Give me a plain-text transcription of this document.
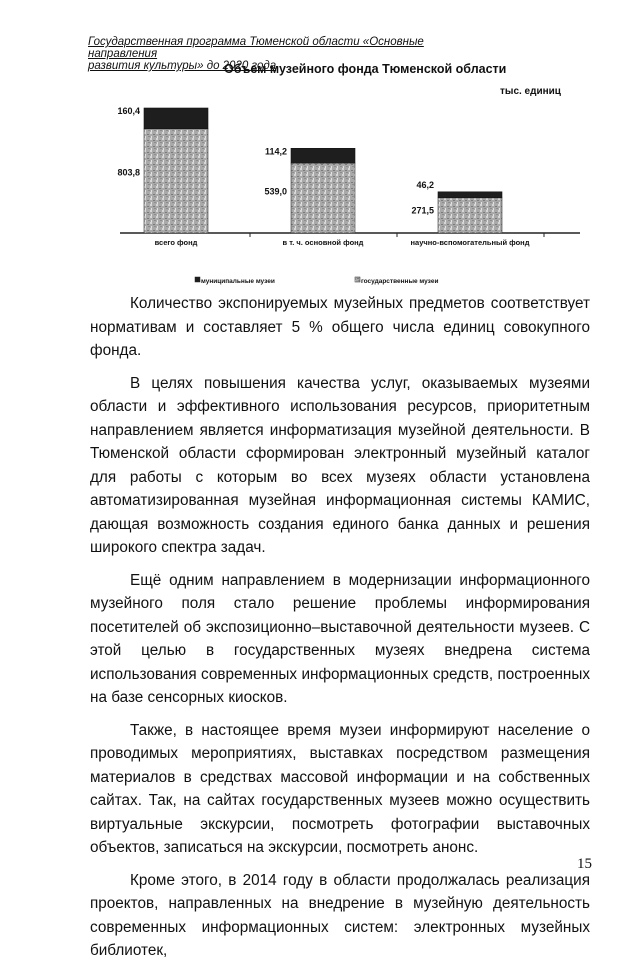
Государственная программа Тюменской области «Основные направления
развития культуры» до 2020 года
Объем музейного фонда Тюменской области
тыс. единиц
803,8
160,4
всего фонд
539,0
114,2
в т. ч. основной фонд
271,5
46,2
научно-вспомогательный фонд
муниципальные музеи	государственные музеи

Количество экспонируемых музейных предметов соответствует нормативам и составляет 5 % общего числа единиц совокупного фонда.

В целях повышения качества услуг, оказываемых музеями области и эффективного использования ресурсов, приоритетным направлением является информатизация музейной деятельности. В Тюменской области сформирован электронный музейный каталог для работы с которым во всех музеях области установлена автоматизированная музейная информационная системы КАМИС, дающая возможность создания единого банка данных и решения широкого спектра задач.

Ещё одним направлением в модернизации информационного музейного поля стало решение проблемы информирования посетителей об экспозиционно–выставочной деятельности музеев. С этой целью в государственных музеях внедрена система использования современных информационных средств, построенных на базе сенсорных киосков.

Также, в настоящее время музеи информируют население о проводимых мероприятиях, выставках посредством размещения материалов в средствах массовой информации и на собственных сайтах. Так, на сайтах государственных музеев можно осуществить виртуальные экскурсии, посмотреть фотографии выставочных объектов, записаться на экскурсии, посмотреть анонс.

Кроме этого, в 2014 году в области продолжалась реализация проектов, направленных на внедрение в музейную деятельность современных информационных систем: электронных музейных библиотек,

15
